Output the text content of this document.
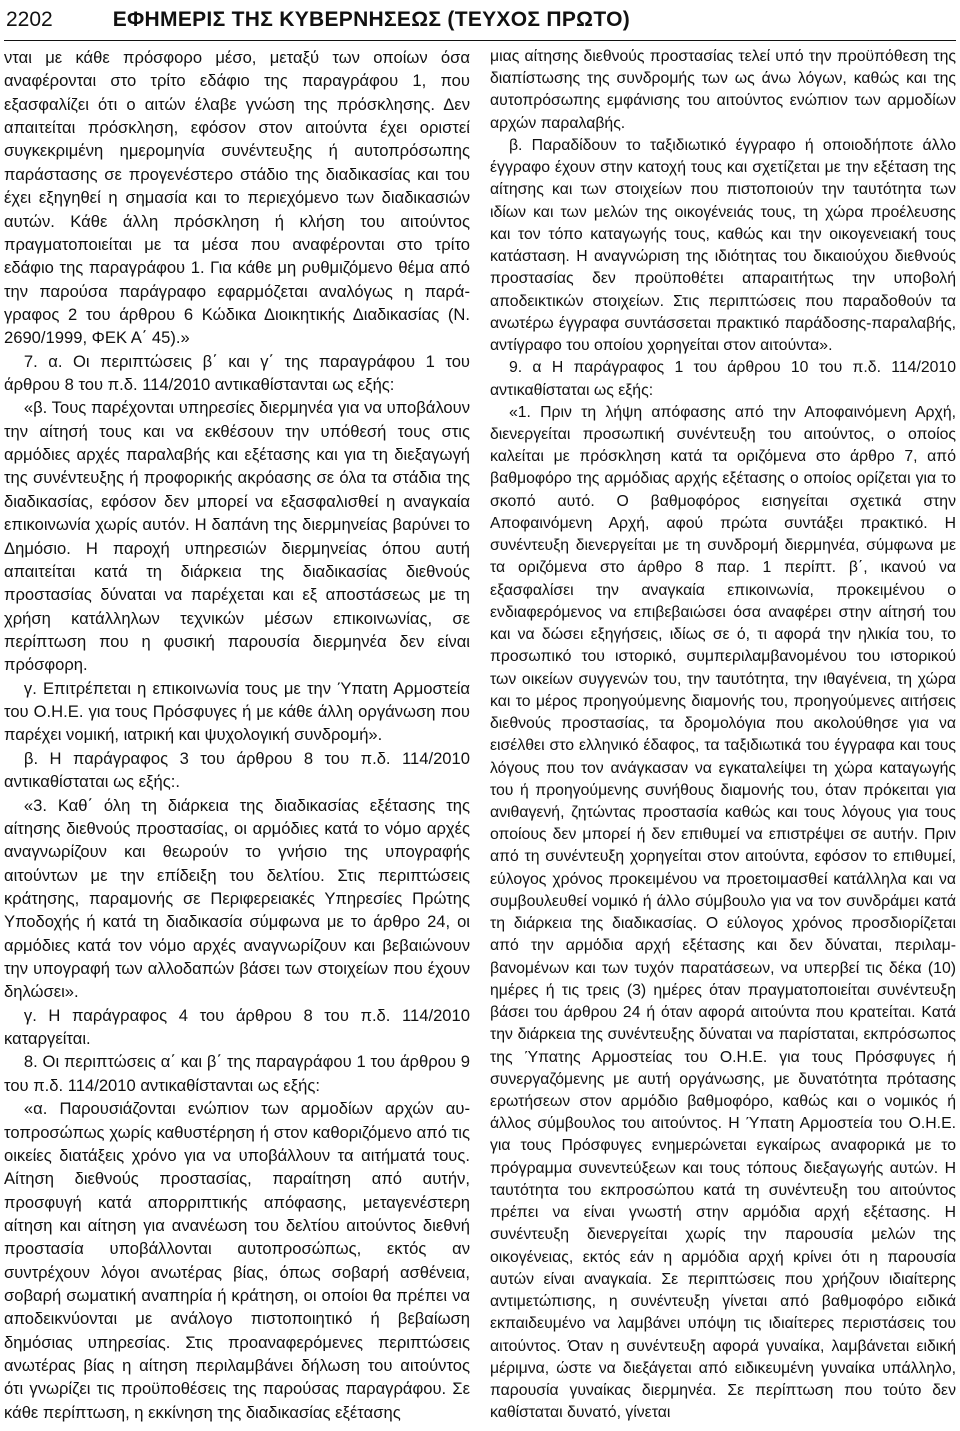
2202	ΕΦΗΜΕΡΙΣ ΤΗΣ ΚΥΒΕΡΝΗΣΕΩΣ (ΤΕΥΧΟΣ ΠΡΩΤΟ)

νται με κάθε πρόσφορο μέσο, μεταξύ των οποίων όσα αναφέρονται στο τρίτο εδάφιο της παραγράφου 1, που εξασφαλίζει ότι ο αιτών έλαβε γνώση της πρόσκλησης. Δεν απαιτείται πρόσκληση, εφόσον στον αιτούντα έχει οριστεί συγκεκριμένη ημερομηνία συνέντευξης ή αυτοπρόσωπης παράστασης σε προγενέστερο στάδιο της διαδικασίας και του έχει εξηγηθεί η σημασία και το περιεχόμενο των διαδικασιών αυτών. Κάθε άλλη πρόσκληση ή κλήση του αιτούντος πραγματοποιείται με τα μέσα που αναφέρονται στο τρίτο εδάφιο της παραγράφου 1. Για κάθε μη ρυθμιζόμενο θέμα από την παρούσα παράγραφο εφαρμόζεται αναλόγως η παράγραφος 2 του άρθρου 6 Κώδικα Διοικητικής Διαδικασίας (Ν. 2690/1999, ΦΕΚ Α΄ 45).»

7. α. Οι περιπτώσεις β΄ και γ΄ της παραγράφου 1 του άρθρου 8 του π.δ. 114/2010 αντικαθίστανται ως εξής:

«β. Τους παρέχονται υπηρεσίες διερμηνέα για να υποβάλουν την αίτησή τους και να εκθέσουν την υπόθεσή τους στις αρμόδιες αρχές παραλαβής και εξέτασης και για τη διεξαγωγή της συνέντευξης ή προφορικής ακρόασης σε όλα τα στάδια της διαδικασίας, εφόσον δεν μπορεί να εξασφαλισθεί η αναγκαία επικοινωνία χωρίς αυτόν. Η δαπάνη της διερμηνείας βαρύνει το Δημόσιο. Η παροχή υπηρεσιών διερμηνείας όπου αυτή απαιτείται κατά τη διάρκεια της διαδικασίας διεθνούς προστασίας δύναται να παρέχεται και εξ αποστάσεως με τη χρήση κατάλληλων τεχνικών μέσων επικοινωνίας, σε περίπτωση που η φυσική παρουσία διερμηνέα δεν είναι πρόσφορη.

γ. Επιτρέπεται η επικοινωνία τους με την Ύπατη Αρμοστεία του Ο.Η.Ε. για τους Πρόσφυγες ή με κάθε άλλη οργάνωση που παρέχει νομική, ιατρική και ψυχολογική συνδρομή».

β. Η παράγραφος 3 του άρθρου 8 του π.δ. 114/2010 αντικαθίσταται ως εξής:.

«3. Καθ΄ όλη τη διάρκεια της διαδικασίας εξέτασης της αίτησης διεθνούς προστασίας, οι αρμόδιες κατά το νόμο αρχές αναγνωρίζουν και θεωρούν το γνήσιο της υπογραφής αιτούντων με την επίδειξη του δελτίου. Στις περιπτώσεις κράτησης, παραμονής σε Περιφερειακές Υπηρεσίες Πρώτης Υποδοχής ή κατά τη διαδικασία σύμφωνα με το άρθρο 24, οι αρμόδιες κατά τον νόμο αρχές αναγνωρίζουν και βεβαιώνουν την υπογραφή των αλλοδαπών βάσει των στοιχείων που έχουν δηλώσει».

γ. Η παράγραφος 4 του άρθρου 8 του π.δ. 114/2010 καταργείται.

8. Οι περιπτώσεις α΄ και β΄ της παραγράφου 1 του άρθρου 9 του π.δ. 114/2010 αντικαθίστανται ως εξής:

«α. Παρουσιάζονται ενώπιον των αρμοδίων αρχών αυτοπροσώπως χωρίς καθυστέρηση ή στον καθοριζόμενο από τις οικείες διατάξεις χρόνο για να υποβάλλουν τα αιτήματά τους. Αίτηση διεθνούς προστασίας, παραίτηση από αυτήν, προσφυγή κατά απορριπτικής απόφασης, μεταγενέστερη αίτηση και αίτηση για ανανέωση του δελτίου αιτούντος διεθνή προστασία υποβάλλονται αυτοπροσώπως, εκτός αν συντρέχουν λόγοι ανωτέρας βίας, όπως σοβαρή ασθένεια, σοβαρή σωματική αναπηρία ή κράτηση, οι οποίοι θα πρέπει να αποδεικνύονται με ανάλογο πιστοποιητικό ή βεβαίωση δημόσιας υπηρεσίας. Στις προαναφερόμενες περιπτώσεις ανωτέρας βίας η αίτηση περιλαμβάνει δήλωση του αιτούντος ότι γνωρίζει τις προϋποθέσεις της παρούσας παραγράφου. Σε κάθε περίπτωση, η εκκίνηση της διαδικασίας εξέτασης

μιας αίτησης διεθνούς προστασίας τελεί υπό την προϋπόθεση της διαπίστωσης της συνδρομής των ως άνω λόγων, καθώς και της αυτοπρόσωπης εμφάνισης του αιτούντος ενώπιον των αρμοδίων αρχών παραλαβής.

β. Παραδίδουν το ταξιδιωτικό έγγραφο ή οποιοδήποτε άλλο έγγραφο έχουν στην κατοχή τους και σχετίζεται με την εξέταση της αίτησης και των στοιχείων που πιστοποιούν την ταυτότητα των ιδίων και των μελών της οικογένειάς τους, τη χώρα προέλευσης και τον τόπο καταγωγής τους, καθώς και την οικογενειακή τους κατάσταση. Η αναγνώριση της ιδιότητας του δικαιούχου διεθνούς προστασίας δεν προϋποθέτει απαραιτήτως την υποβολή αποδεικτικών στοιχείων. Στις περιπτώσεις που παραδοθούν τα ανωτέρω έγγραφα συντάσσεται πρακτικό παράδοσης-παραλαβής, αντίγραφο του οποίου χορηγείται στον αιτούντα».

9. α Η παράγραφος 1 του άρθρου 10 του π.δ. 114/2010 αντικαθίσταται ως εξής:

«1. Πριν τη λήψη απόφασης από την Αποφαινόμενη Αρχή, διενεργείται προσωπική συνέντευξη του αιτούντος, ο οποίος καλείται με πρόσκληση κατά τα οριζόμενα στο άρθρο 7, από βαθμοφόρο της αρμόδιας αρχής εξέτασης ο οποίος ορίζεται για το σκοπό αυτό. Ο βαθμοφόρος εισηγείται σχετικά στην Αποφαινόμενη Αρχή, αφού πρώτα συντάξει πρακτικό. Η συνέντευξη διενεργείται με τη συνδρομή διερμηνέα, σύμφωνα με τα οριζόμενα στο άρθρο 8 παρ. 1 περίπτ. β΄, ικανού να εξασφαλίσει την αναγκαία επικοινωνία, προκειμένου ο ενδιαφερόμενος να επιβεβαιώσει όσα αναφέρει στην αίτησή του και να δώσει εξηγήσεις, ιδίως σε ό, τι αφορά την ηλικία του, το προσωπικό του ιστορικό, συμπεριλαμβανομένου του ιστορικού των οικείων συγγενών του, την ταυτότητα, την ιθαγένεια, τη χώρα και το μέρος προηγούμενης διαμονής του, προηγούμενες αιτήσεις διεθνούς προστασίας, τα δρομολόγια που ακολούθησε για να εισέλθει στο ελληνικό έδαφος, τα ταξιδιωτικά του έγγραφα και τους λόγους που τον ανάγκασαν να εγκαταλείψει τη χώρα καταγωγής του ή προηγούμενης συνήθους διαμονής του, όταν πρόκειται για ανιθαγενή, ζητώντας προστασία καθώς και τους λόγους για τους οποίους δεν μπορεί ή δεν επιθυμεί να επιστρέψει σε αυτήν. Πριν από τη συνέντευξη χορηγείται στον αιτούντα, εφόσον το επιθυμεί, εύλογος χρόνος προκειμένου να προετοιμασθεί κατάλληλα και να συμβουλευθεί νομικό ή άλλο σύμβουλο για να τον συνδράμει κατά τη διάρκεια της διαδικασίας. Ο εύλογος χρόνος προσδιορίζεται από την αρμόδια αρχή εξέτασης και δεν δύναται, περιλαμβανομένων και των τυχόν παρατάσεων, να υπερβεί τις δέκα (10) ημέρες ή τις τρεις (3) ημέρες όταν πραγματοποιείται συνέντευξη βάσει του άρθρου 24 ή όταν αφορά αιτούντα που κρατείται. Κατά την διάρκεια της συνέντευξης δύναται να παρίσταται, εκπρόσωπος της Ύπατης Αρμοστείας του Ο.Η.Ε. για τους Πρόσφυγες ή συνεργαζόμενης με αυτή οργάνωσης, με δυνατότητα πρότασης ερωτήσεων στον αρμόδιο βαθμοφόρο, καθώς και ο νομικός ή άλλος σύμβουλος του αιτούντος. Η Ύπατη Αρμοστεία του Ο.Η.Ε. για τους Πρόσφυγες ενημερώνεται εγκαίρως αναφορικά με το πρόγραμμα συνεντεύξεων και τους τόπους διεξαγωγής αυτών. Η ταυτότητα του εκπροσώπου κατά τη συνέντευξη του αιτούντος πρέπει να είναι γνωστή στην αρμόδια αρχή εξέτασης. Η συνέντευξη διενεργείται χωρίς την παρουσία μελών της οικογένειας, εκτός εάν η αρμόδια αρχή κρίνει ότι η παρουσία αυτών είναι αναγκαία. Σε περιπτώσεις που χρήζουν ιδιαίτερης αντιμετώπισης, η συνέντευξη γίνεται από βαθμοφόρο ειδικά εκπαιδευμένο να λαμβάνει υπόψη τις ιδιαίτερες περιστάσεις του αιτούντος. Όταν η συνέντευξη αφορά γυναίκα, λαμβάνεται ειδική μέριμνα, ώστε να διεξάγεται από ειδικευμένη γυναίκα υπάλληλο, παρουσία γυναίκας διερμηνέα. Σε περίπτωση που τούτο δεν καθίσταται δυνατό, γίνεται
